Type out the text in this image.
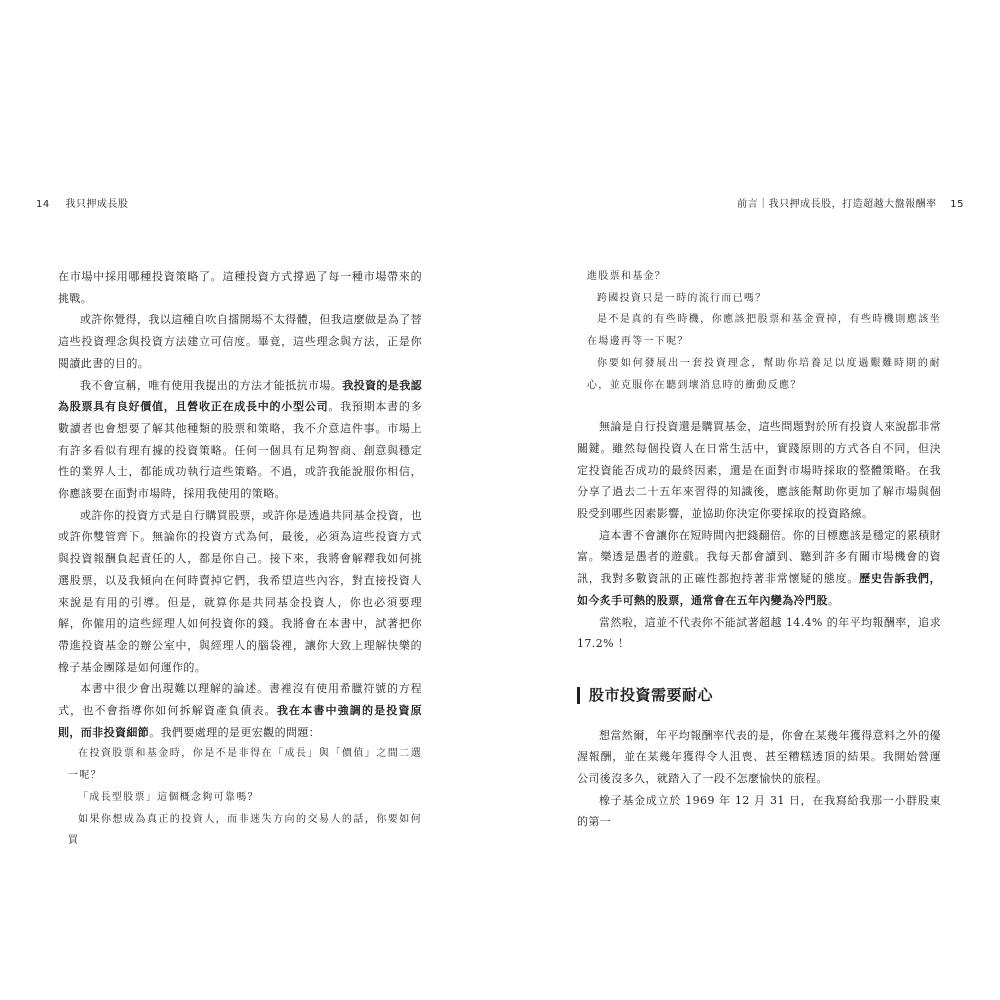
14 我只押成長股

在市場中採用哪種投資策略了。這種投資方式撐過了每一種市場帶來的挑戰。

或許你覺得，我以這種自吹自擂開場不太得體，但我這麼做是為了替這些投資理念與投資方法建立可信度。畢竟，這些理念與方法，正是你閱讀此書的目的。

我不會宣稱，唯有使用我提出的方法才能抵抗市場。我投資的是我認為股票具有良好價值，且營收正在成長中的小型公司。我預期本書的多數讀者也會想要了解其他種類的股票和策略，我不介意這件事。市場上有許多看似有理有據的投資策略。任何一個具有足夠智商、創意與穩定性的業界人士，都能成功執行這些策略。不過，或許我能說服你相信，你應該要在面對市場時，採用我使用的策略。

或許你的投資方式是自行購買股票，或許你是透過共同基金投資，也或許你雙管齊下。無論你的投資方式為何，最後，必須為這些投資方式與投資報酬負起責任的人，都是你自己。接下來，我將會解釋我如何挑選股票，以及我傾向在何時賣掉它們，我希望這些內容，對直接投資人來說是有用的引導。但是，就算你是共同基金投資人，你也必須要理解，你僱用的這些經理人如何投資你的錢。我將會在本書中，試著把你帶進投資基金的辦公室中，與經理人的腦袋裡，讓你大致上理解快樂的橡子基金團隊是如何運作的。

本書中很少會出現難以理解的論述。書裡沒有使用希臘符號的方程式，也不會指導你如何拆解資產負債表。我在本書中強調的是投資原則，而非投資細節。我們要處理的是更宏觀的問題：

在投資股票和基金時，你是不是非得在「成長」與「價值」之間二選一呢？

「成長型股票」這個概念夠可靠嗎？

如果你想成為真正的投資人，而非迷失方向的交易人的話，你要如何買

前言｜我只押成長股，打造超越大盤報酬率 15

進股票和基金？

跨國投資只是一時的流行而已嗎？

是不是真的有些時機，你應該把股票和基金賣掉，有些時機則應該坐在場邊再等一下呢？

你要如何發展出一套投資理念，幫助你培養足以度過艱難時期的耐心，並克服你在聽到壞消息時的衝動反應？

無論是自行投資還是購買基金，這些問題對於所有投資人來說都非常關鍵。雖然每個投資人在日常生活中，實踐原則的方式各自不同，但決定投資能否成功的最終因素，還是在面對市場時採取的整體策略。在我分享了過去二十五年來習得的知識後，應該能幫助你更加了解市場與個股受到哪些因素影響，並協助你決定你要採取的投資路線。

這本書不會讓你在短時間內把錢翻倍。你的目標應該是穩定的累積財富。樂透是愚者的遊戲。我每天都會讀到、聽到許多有關市場機會的資訊，我對多數資訊的正確性都抱持著非常懷疑的態度。歷史告訴我們，如今炙手可熱的股票，通常會在五年內變為冷門股。

當然啦，這並不代表你不能試著超越 14.4% 的年平均報酬率，追求 17.2% ！

股市投資需要耐心

想當然爾，年平均報酬率代表的是，你會在某幾年獲得意料之外的優渥報酬，並在某幾年獲得令人沮喪、甚至糟糕透頂的結果。我開始營運公司後沒多久，就踏入了一段不怎麼愉快的旅程。

橡子基金成立於 1969 年 12 月 31 日，在我寫給我那一小群股東的第一
